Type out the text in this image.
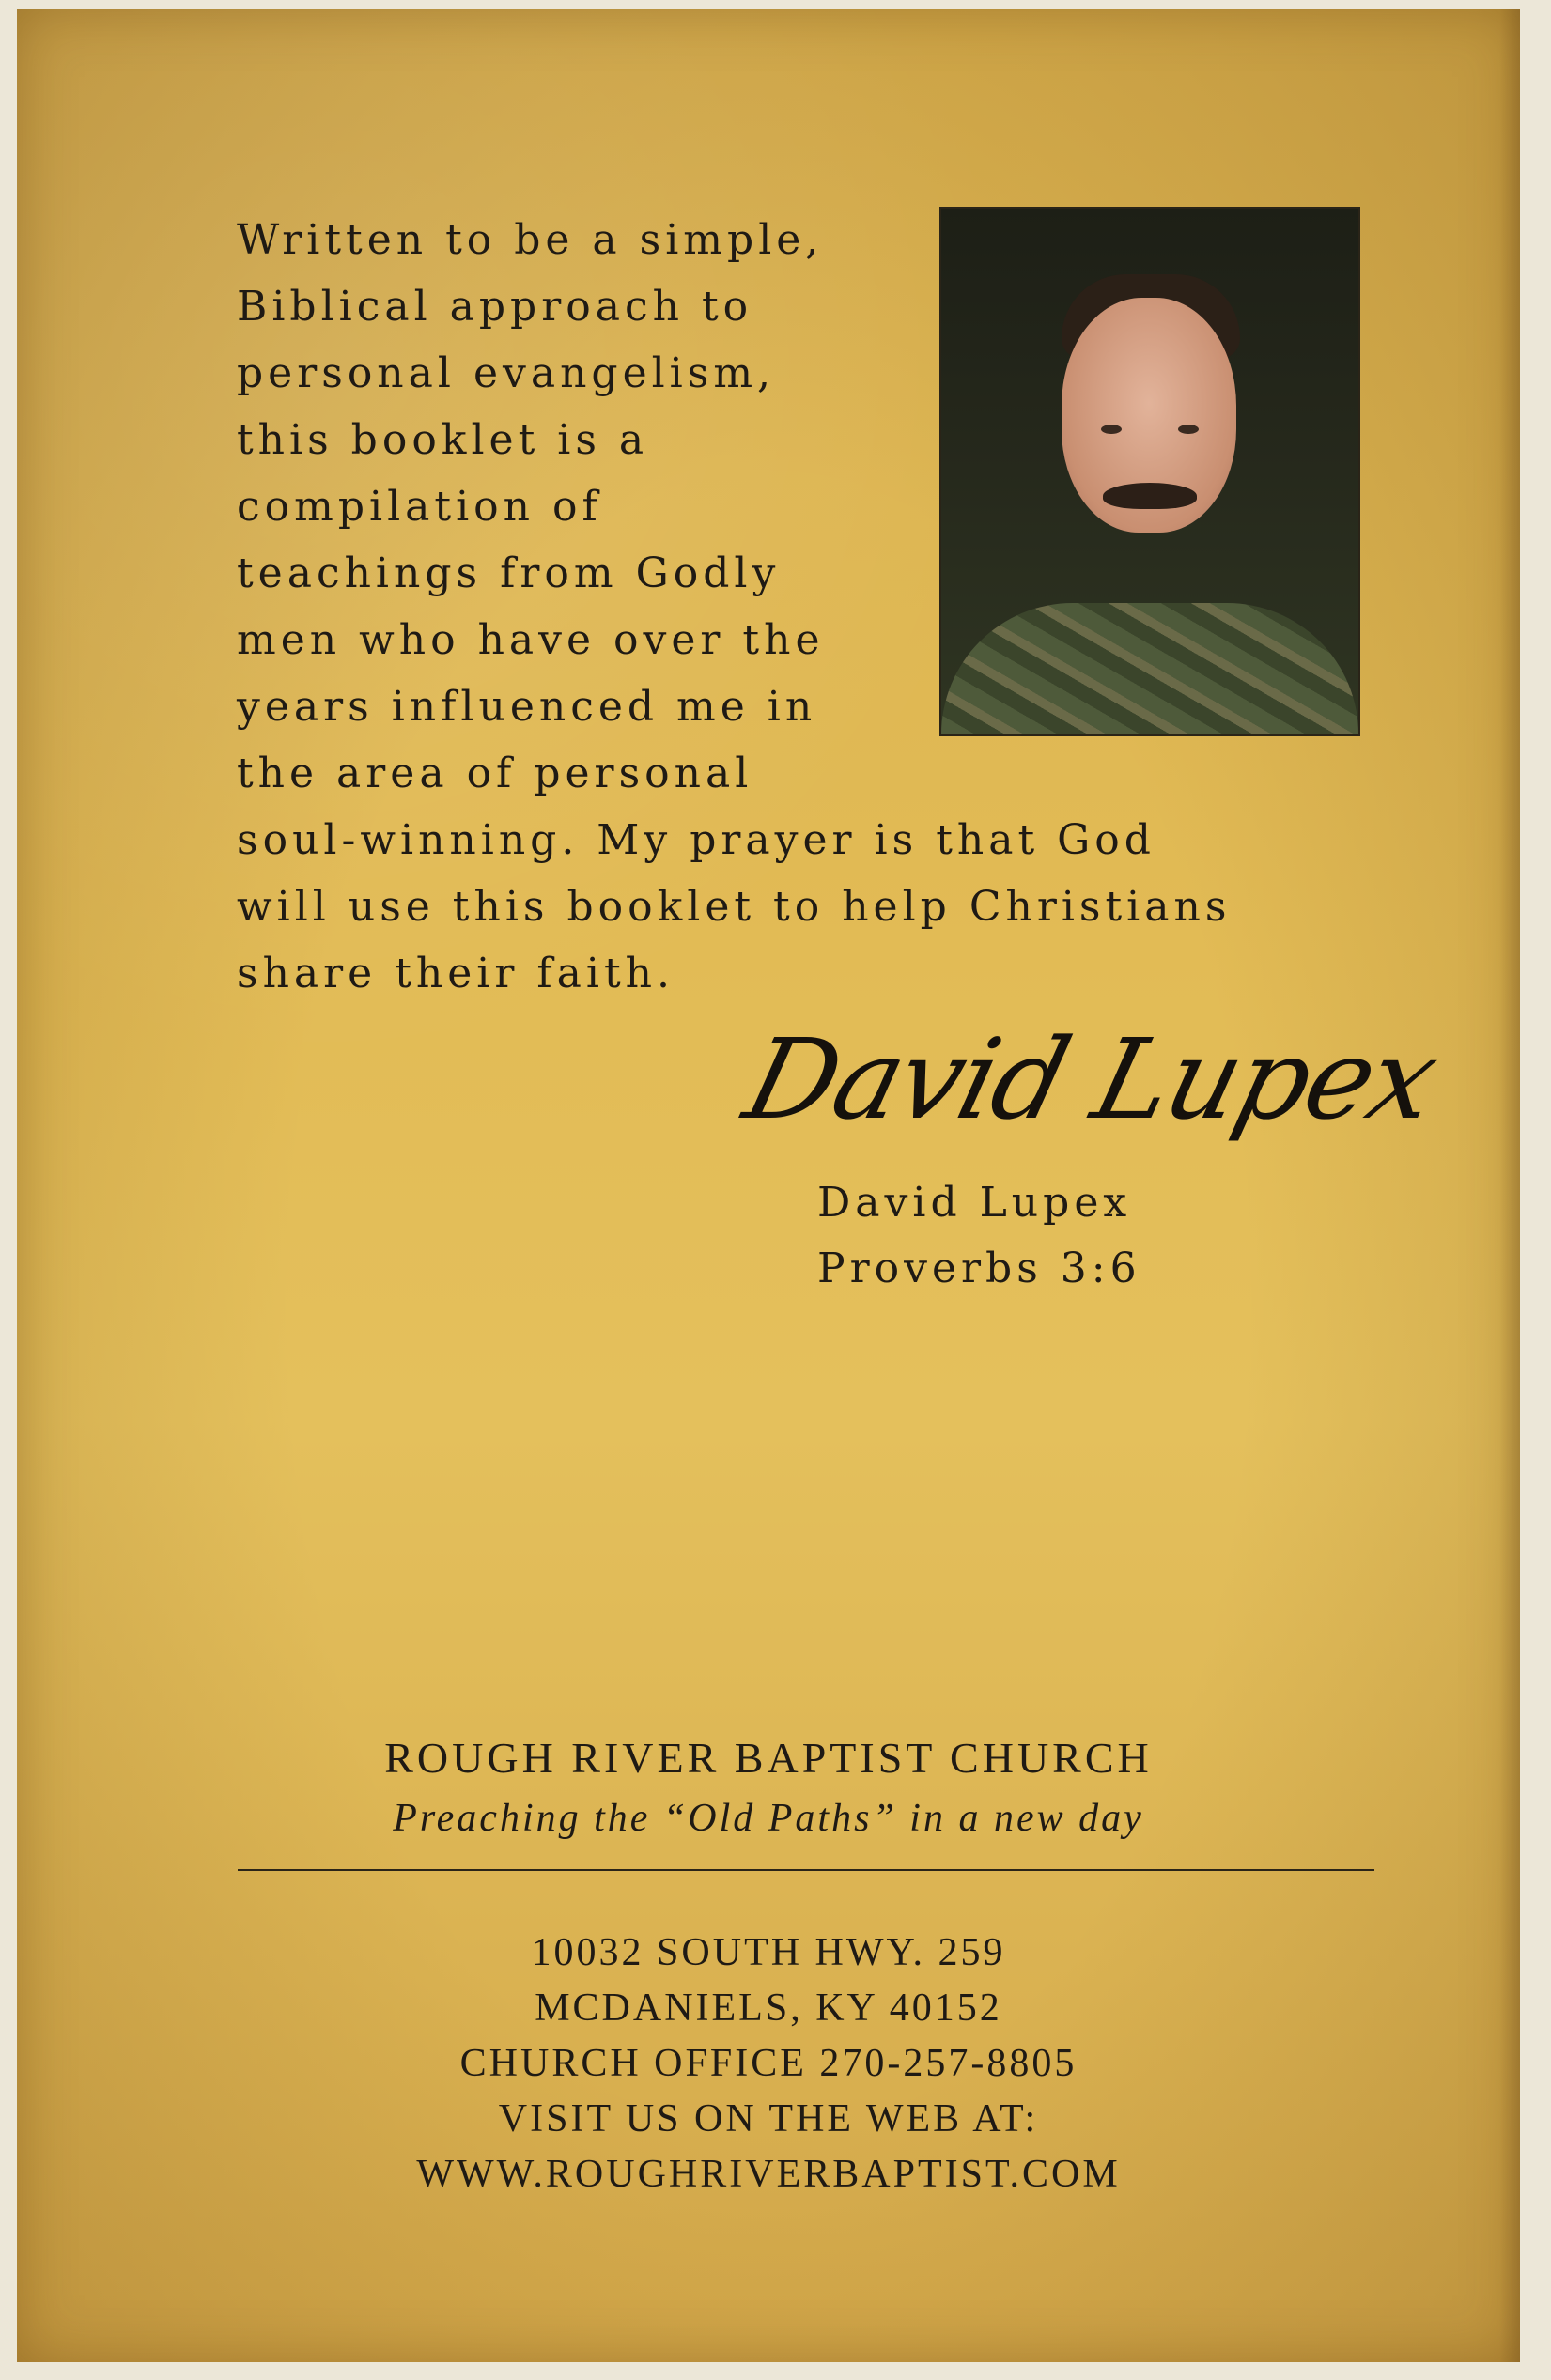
Written to be a simple,
Biblical approach to
personal evangelism,
this booklet is a
compilation of
teachings from Godly
men who have over the
years influenced me in
the area of personal
soul-winning. My prayer is that God
will use this booklet to help Christians
share their faith.

David Lupex
David Lupex
Proverbs 3:6
ROUGH RIVER BAPTIST CHURCH
Preaching the “Old Paths” in a new day
10032 SOUTH HWY. 259
MCDANIELS, KY 40152
CHURCH OFFICE 270-257-8805
VISIT US ON THE WEB AT:
WWW.ROUGHRIVERBAPTIST.COM
